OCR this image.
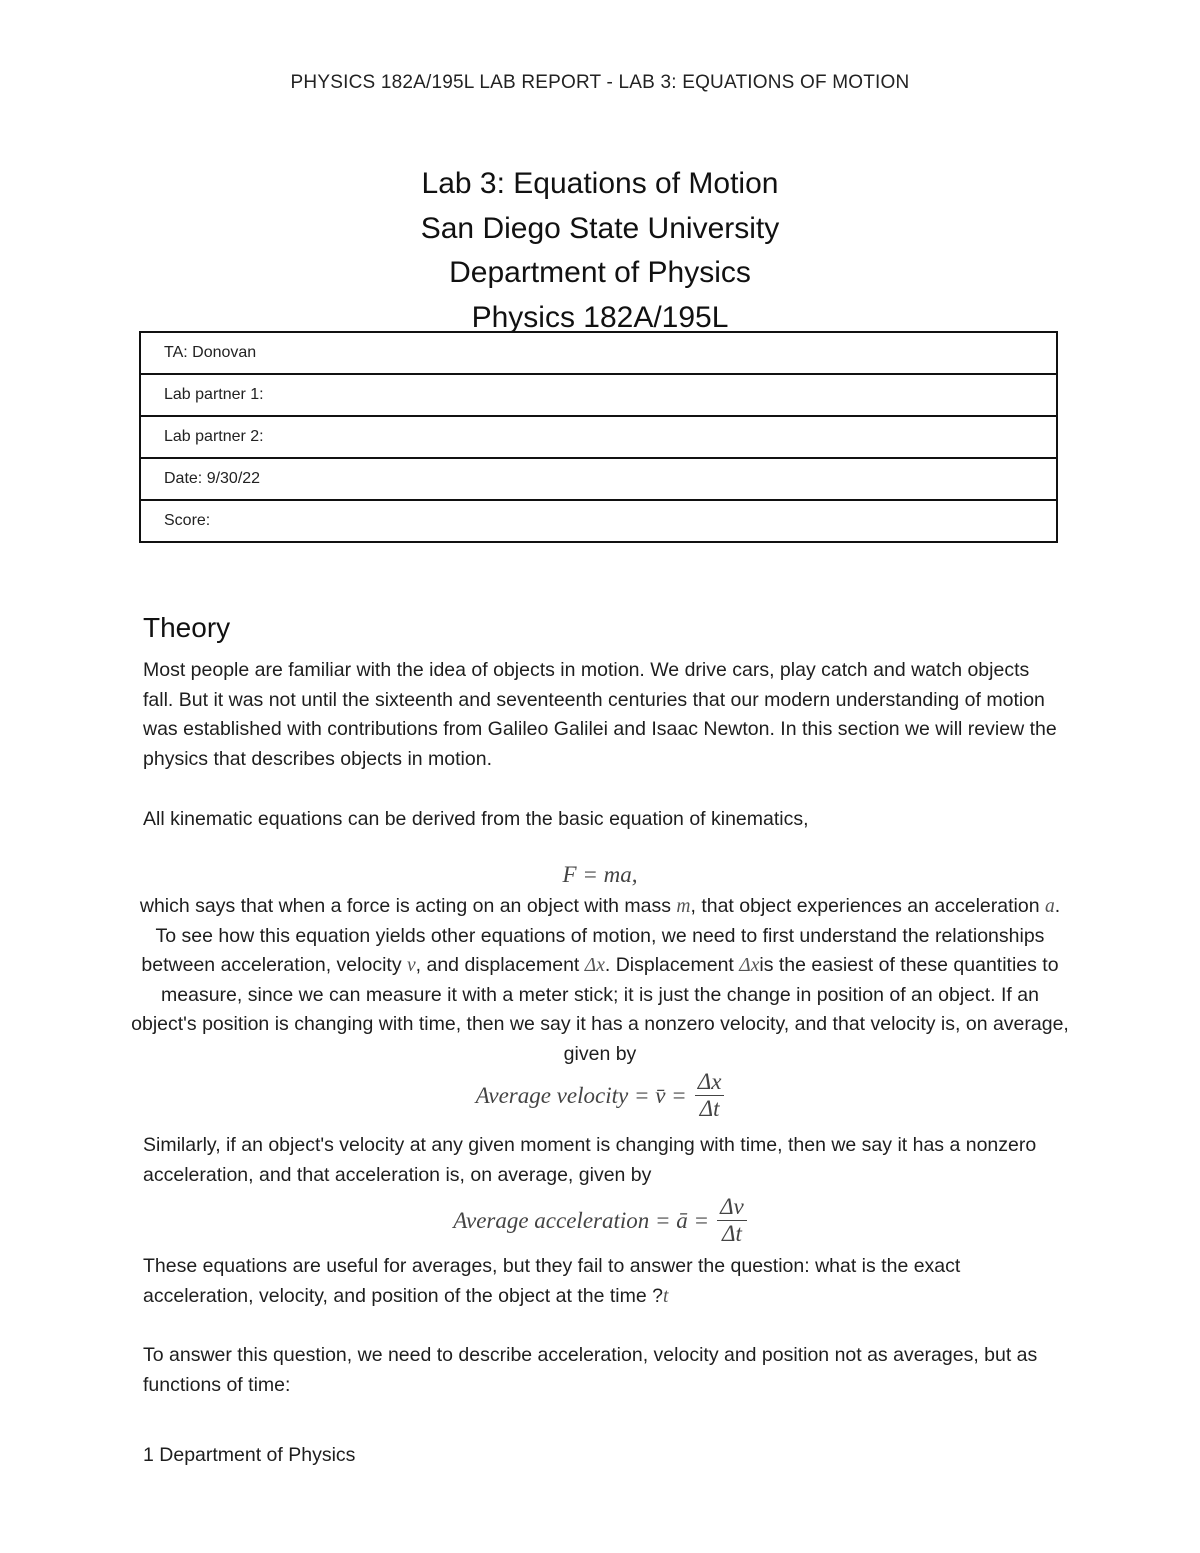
PHYSICS 182A/195L LAB REPORT - LAB 3: EQUATIONS OF MOTION
Lab 3: Equations of Motion
San Diego State University
Department of Physics
Physics 182A/195L
TA: Donovan
Lab partner 1:
Lab partner 2:
Date: 9/30/22
Score:
Theory
Most people are familiar with the idea of objects in motion. We drive cars, play catch and watch objects fall. But it was not until the sixteenth and seventeenth centuries that our modern understanding of motion was established with contributions from Galileo Galilei and Isaac Newton. In this section we will review the physics that describes objects in motion.
All kinematic equations can be derived from the basic equation of kinematics,
F = ma,
which says that when a force is acting on an object with mass m, that object experiences an acceleration a. To see how this equation yields other equations of motion, we need to first understand the relationships between acceleration, velocity v, and displacement Δx. Displacement Δxis the easiest of these quantities to measure, since we can measure it with a meter stick; it is just the change in position of an object. If an object's position is changing with time, then we say it has a nonzero velocity, and that velocity is, on average, given by
Average velocity = v̄ = $\frac{\Delta x}{\Delta t}$
Similarly, if an object's velocity at any given moment is changing with time, then we say it has a nonzero acceleration, and that acceleration is, on average, given by
Average acceleration = ā = $\frac{\Delta v}{\Delta t}$
These equations are useful for averages, but they fail to answer the question: what is the exact acceleration, velocity, and position of the object at the time ?t
To answer this question, we need to describe acceleration, velocity and position not as averages, but as functions of time:
1 Department of Physics
